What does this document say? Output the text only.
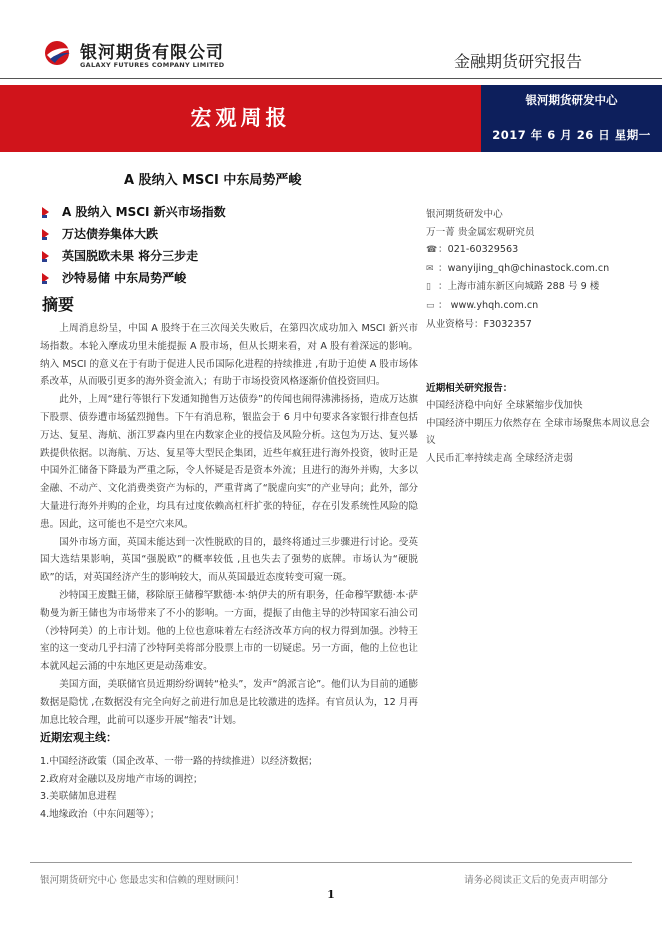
银河期货有限公司
GALAXY FUTURES COMPANY LIMITED	金融期货研究报告
宏观周报
银河期货研发中心
2017 年 6 月 26 日 星期一
A 股纳入 MSCI 中东局势严峻
A 股纳入 MSCI 新兴市场指数
万达债券集体大跌
英国脱欧未果 将分三步走
沙特易储 中东局势严峻
摘要

上周消息纷呈，中国 A 股终于在三次闯关失败后，在第四次成功加入 MSCI 新兴市场指数。本轮入摩成功里未能提振 A 股市场，但从长期来看，对 A 股有着深远的影响。纳入 MSCI 的意义在于有助于促进人民币国际化进程的持续推进 ,有助于迫使 A 股市场体系改革，从而吸引更多的海外资金流入；有助于市场投资风格逐渐价值投资回归。

此外，上周“建行等银行下发通知抛售万达债券”的传闻也闹得沸沸扬扬，造成万达旗下股票、债券遭市场猛烈抛售。下午有消息称，银监会于 6 月中旬要求各家银行排查包括万达、复星、海航、浙江罗森内里在内数家企业的授信及风险分析。这包为万达、复兴暴跌提供依据。以海航、万达、复星等大型民企集团，近些年疯狂进行海外投资，彼时正是中国外汇储备下降最为严重之际，令人怀疑是否是资本外流；且进行的海外并购，大多以金融、不动产、文化消费类资产为标的，严重背离了“脱虚向实”的产业导向；此外，部分大量进行海外并购的企业，均具有过度依赖高杠杆扩张的特征，存在引发系统性风险的隐患。因此，这可能也不是空穴来风。

国外市场方面，英国未能达到一次性脱欧的目的，最终将通过三步骤进行讨论。受英国大选结果影响，英国“强脱欧”的概率较低 ,且也失去了强势的底牌。市场认为“硬脱欧”的话，对英国经济产生的影响较大，而从英国最近态度转变可窥一斑。

沙特国王废黜王储，移除原王储穆罕默德·本·纳伊夫的所有职务，任命穆罕默德·本·萨勒曼为新王储也为市场带来了不小的影响。一方面，提振了由他主导的沙特国家石油公司（沙特阿美）的上市计划。他的上位也意味着左右经济改革方向的权力得到加强。沙特王室的这一变动几乎扫清了沙特阿美将部分股票上市的一切疑虑。另一方面，他的上位也让本就风起云涌的中东地区更是动荡难安。

美国方面，美联储官员近期纷纷调转“枪头”，发声“鸽派言论”。他们认为目前的通膨数据是隐忧 ,在数据没有完全向好之前进行加息是比较激进的选择。有官员认为，12 月再加息比较合理，此前可以逐步开展“缩表”计划。

近期宏观主线：
1.中国经济政策（国企改革、一带一路的持续推进）以经济数据；
2.政府对金融以及房地产市场的调控；
3.美联储加息进程
4.地缘政治（中东问题等）；
银河期货研发中心
万一菁 贵金属宏观研究员
☎：021-60329563
✉ ：wanyijing_qh@chinastock.com.cn
▯ ：上海市浦东新区向城路 288 号 9 楼
▭ ： www.yhqh.com.cn
从业资格号：F3032357
近期相关研究报告：
中国经济稳中向好 全球紧缩步伐加快
中国经济中期压力依然存在 全球市场聚焦本周议息会议
人民币汇率持续走高 全球经济走弱
银河期货研究中心 您最忠实和信赖的理财顾问！	请务必阅读正文后的免责声明部分
1
